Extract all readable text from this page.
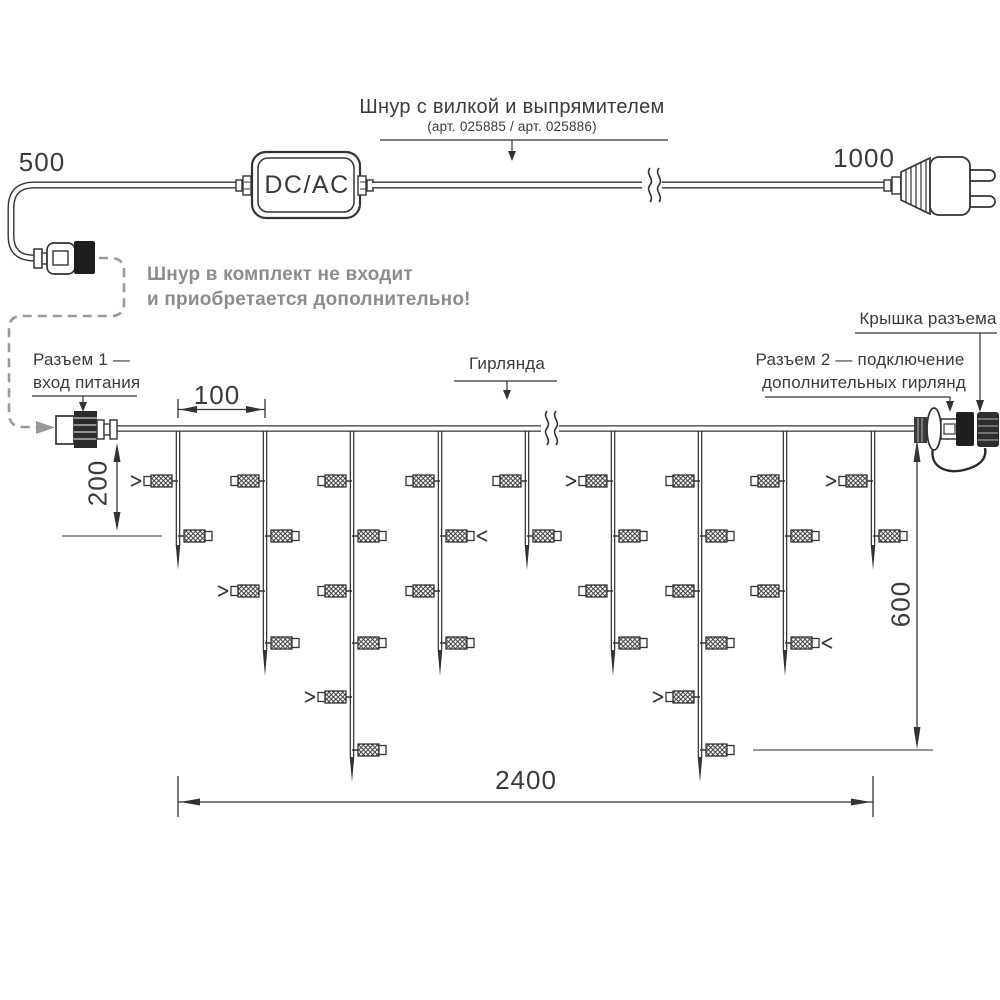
500	1000
Шнур с вилкой и выпрямителем
(арт. 025885 / арт. 025886)
DC/AC
Шнур в комплект не входит
и приобретается дополнительно!
Разъем 1 —
вход питания 100
Гирлянда	Разъем 2 — подключение
дополнительных гирлянд
Крышка разъема
200
600
2400
